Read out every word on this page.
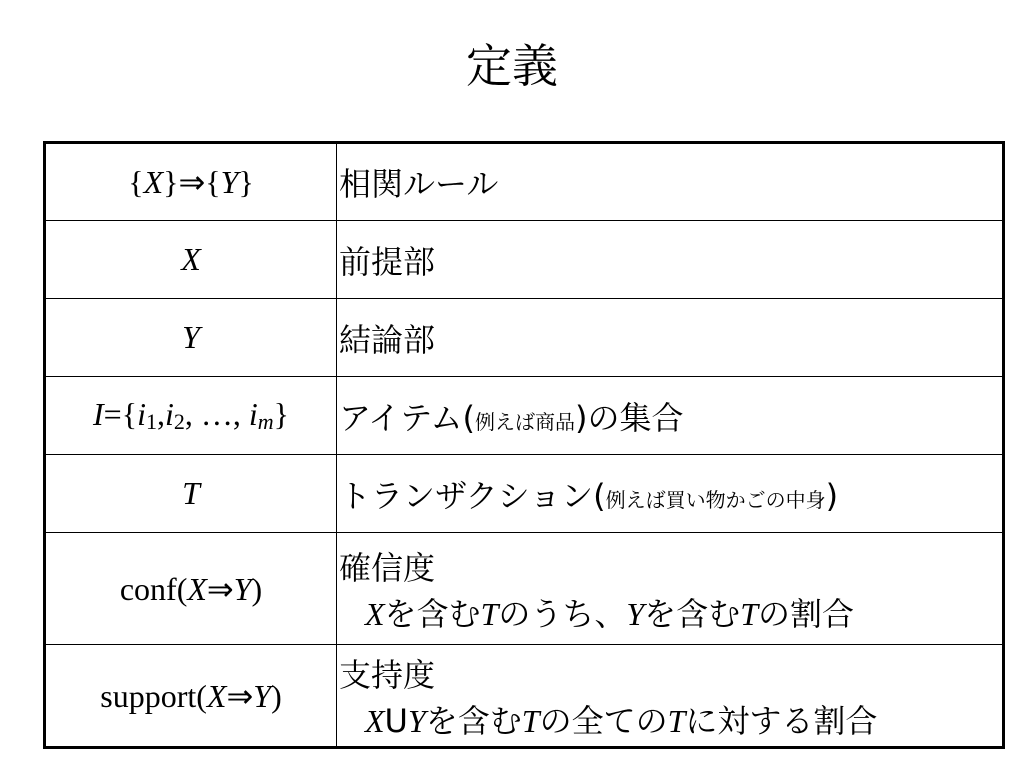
定義
{X}⇒{Y}	相関ルール
X	前提部
Y	結論部
I={i1,i2, …, im}	アイテム(例えば商品)の集合
T	トランザクション(例えば買い物かごの中身)
conf(X⇒Y)	確信度
Xを含むTのうち、Yを含むTの割合

support(X⇒Y)	支持度
XUYを含むTの全てのTに対する割合
